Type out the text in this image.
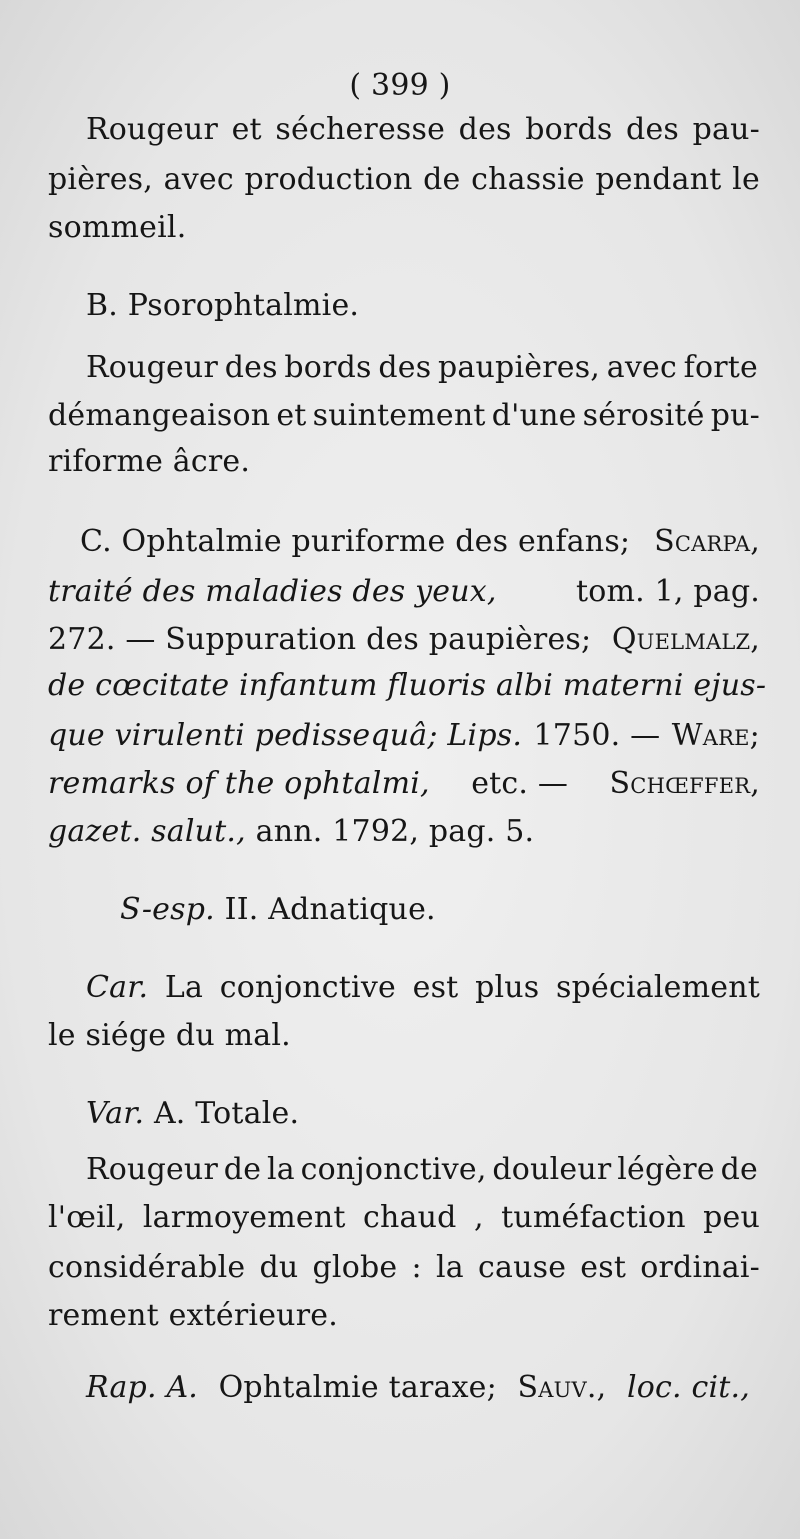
( 399 )
Rougeur et sécheresse des bords des pau-
pières, avec production de chassie pendant le
sommeil.
B. Psorophtalmie.
Rougeur des bords des paupières, avec forte
démangeaison et suintement d'une sérosité pu-
riforme âcre.
C. Ophtalmie puriforme des enfans; Scarpa,
traité des maladies des yeux,	tom. 1, pag.
272. — Suppuration des paupières; Quelmalz,
de cœcitate infantum fluoris albi materni ejus-
que virulenti pedissequâ; Lips. 1750. — Ware;
remarks of the ophtalmi, etc. — Schœffer,
gazet. salut., ann. 1792, pag. 5.
S-esp. II. Adnatique.
Car. La conjonctive est plus spécialement
le siége du mal.
Var. A. Totale.
Rougeur de la conjonctive, douleur légère de
l'œil, larmoyement chaud , tuméfaction peu
considérable du globe : la cause est ordinai-
rement extérieure.
Rap. A. Ophtalmie taraxe; Sauv., loc. cit.,
